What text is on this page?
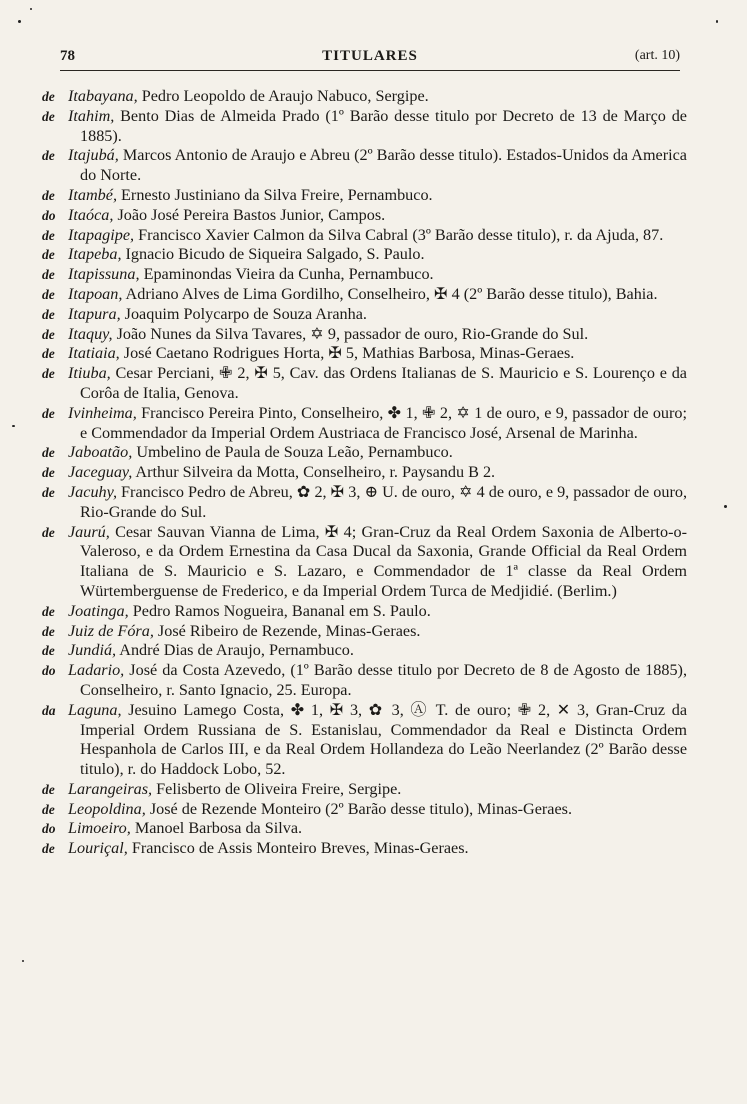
78	TITULARES	(art. 10)

de Itabayana, Pedro Leopoldo de Araujo Nabuco, Sergipe.

de Itahim, Bento Dias de Almeida Prado (1º Barão desse titulo por Decreto de 13 de Março de 1885).

de Itajubá, Marcos Antonio de Araujo e Abreu (2º Barão desse titulo). Estados-Unidos da America do Norte.

de Itambé, Ernesto Justiniano da Silva Freire, Pernambuco.

do Itaóca, João José Pereira Bastos Junior, Campos.

de Itapagipe, Francisco Xavier Calmon da Silva Cabral (3º Barão desse titulo), r. da Ajuda, 87.

de Itapeba, Ignacio Bicudo de Siqueira Salgado, S. Paulo.

de Itapissuna, Epaminondas Vieira da Cunha, Pernambuco.

de Itapoan, Adriano Alves de Lima Gordilho, Conselheiro, ✠ 4 (2º Barão desse titulo), Bahia.

de Itapura, Joaquim Polycarpo de Souza Aranha.

de Itaquy, João Nunes da Silva Tavares, ✡ 9, passador de ouro, Rio-Grande do Sul.

de Itatiaia, José Caetano Rodrigues Horta, ✠ 5, Mathias Barbosa, Minas-Geraes.

de Itiuba, Cesar Perciani, ✙ 2, ✠ 5, Cav. das Ordens Italianas de S. Mauricio e S. Lourenço e da Corôa de Italia, Genova.

de Ivinheima, Francisco Pereira Pinto, Conselheiro, ✤ 1, ✙ 2, ✡ 1 de ouro, e 9, passador de ouro; e Commendador da Imperial Ordem Austriaca de Francisco José, Arsenal de Marinha.

de Jaboatão, Umbelino de Paula de Souza Leão, Pernambuco.

de Jaceguay, Arthur Silveira da Motta, Conselheiro, r. Paysandu B 2.

de Jacuhy, Francisco Pedro de Abreu, ✿ 2, ✠ 3, ⊕ U. de ouro, ✡ 4 de ouro, e 9, passador de ouro, Rio-Grande do Sul.

de Jaurú, Cesar Sauvan Vianna de Lima, ✠ 4; Gran-Cruz da Real Ordem Saxonia de Alberto-o-Valeroso, e da Ordem Ernestina da Casa Ducal da Saxonia, Grande Official da Real Ordem Italiana de S. Mauricio e S. Lazaro, e Commendador de 1ª classe da Real Ordem Würtemberguense de Frederico, e da Imperial Ordem Turca de Medjidié. (Berlim.)

de Joatinga, Pedro Ramos Nogueira, Bananal em S. Paulo.

de Juiz de Fóra, José Ribeiro de Rezende, Minas-Geraes.

de Jundiá, André Dias de Araujo, Pernambuco.

do Ladario, José da Costa Azevedo, (1º Barão desse titulo por Decreto de 8 de Agosto de 1885), Conselheiro, r. Santo Ignacio, 25. Europa.

da Laguna, Jesuino Lamego Costa, ✤ 1, ✠ 3, ✿ 3, Ⓐ T. de ouro; ✙ 2, ✕ 3, Gran-Cruz da Imperial Ordem Russiana de S. Estanislau, Commendador da Real e Distincta Ordem Hespanhola de Carlos III, e da Real Ordem Hollandeza do Leão Neerlandez (2º Barão desse titulo), r. do Haddock Lobo, 52.

de Larangeiras, Felisberto de Oliveira Freire, Sergipe.

de Leopoldina, José de Rezende Monteiro (2º Barão desse titulo), Minas-Geraes.

do Limoeiro, Manoel Barbosa da Silva.

de Louriçal, Francisco de Assis Monteiro Breves, Minas-Geraes.
